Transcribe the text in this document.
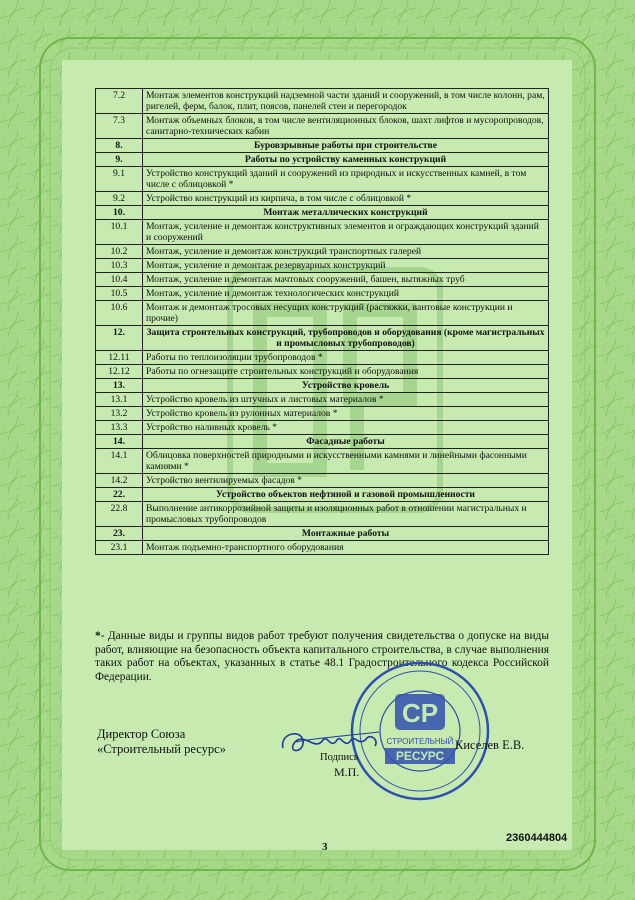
7.2	Монтаж элементов конструкций надземной части зданий и сооружений, в том числе колонн, рам, ригелей, ферм, балок, плит, поясов, панелей стен и перегородок
7.3	Монтаж объемных блоков, в том числе вентиляционных блоков, шахт лифтов и мусоропроводов, санитарно-технических кабин
8.	Буровзрывные работы при строительстве
9.	Работы по устройству каменных конструкций
9.1	Устройство конструкций зданий и сооружений из природных и искусственных камней, в том числе с облицовкой *
9.2	Устройство конструкций из кирпича, в том числе с облицовкой *
10.	Монтаж металлических конструкций
10.1	Монтаж, усиление и демонтаж конструктивных элементов и ограждающих конструкций зданий и сооружений
10.2	Монтаж, усиление и демонтаж конструкций транспортных галерей
10.3	Монтаж, усиление и демонтаж резервуарных конструкций
10.4	Монтаж, усиление и демонтаж мачтовых сооружений, башен, вытяжных труб
10.5	Монтаж, усиление и демонтаж технологических конструкций
10.6	Монтаж и демонтаж тросовых несущих конструкций (растяжки, вантовые конструкции и прочие)
12.	Защита строительных конструкций, трубопроводов и оборудования (кроме магистральных и промысловых трубопроводов)
12.11	Работы по теплоизоляции трубопроводов *
12.12	Работы по огнезащите строительных конструкций и оборудования
13.	Устройство кровель
13.1	Устройство кровель из штучных и листовых материалов *
13.2	Устройство кровель из рулонных материалов *
13.3	Устройство наливных кровель *
14.	Фасадные работы
14.1	Облицовка поверхностей природными и искусственными камнями и линейными фасонными камнями *
14.2	Устройство вентилируемых фасадов *
22.	Устройство объектов нефтяной и газовой промышленности
22.8	Выполнение антикоррозийной защиты и изоляционных работ в отношении магистральных и промысловых трубопроводов
23.	Монтажные работы
23.1	Монтаж подъемно-транспортного оборудования
*- Данные виды и группы видов работ требуют получения свидетельства о допуске на виды работ, влияющие на безопасность объекта капитального строительства, в случае выполнения таких работ на объектах, указанных в статье 48.1 Градостроительного кодекса Российской Федерации.
Директор Союза
«Строительный ресурс»
СР
СТРОИТЕЛЬНЫЙ
РЕСУРС
Киселев Е.В.
Подпись
М.П.
3
2360444804
